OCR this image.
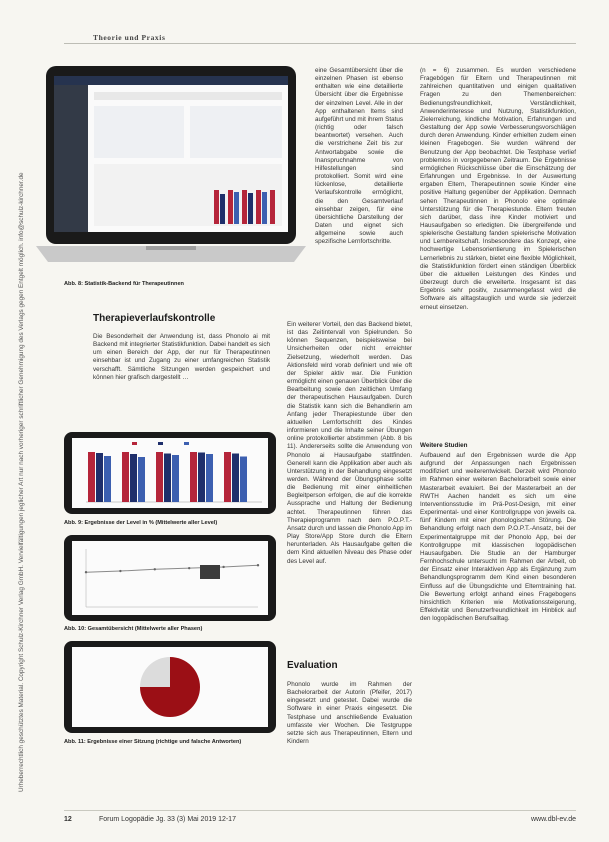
Theorie und Praxis
Urheberrechtlich geschütztes Material. Copyright Schulz-Kirchner Verlag GmbH. Vervielfältigungen jeglicher Art nur nach vorheriger schriftlicher Genehmigung des Verlags gegen Entgelt möglich. info@schulz-kirchner.de	Abb. 8: Statistik-Backend für Therapeutinnen
Therapieverlaufskontrolle
Die Besonderheit der Anwendung ist, dass Phonolo ai mit Backend mit integrierter Statistikfunktion. Dabei handelt es sich um einen Bereich der App, der nur für Therapeutinnen einsehbar ist und Zugang zu einer umfangreichen Statistik verschafft. Sämtliche Sitzungen werden gespeichert und können hier grafisch dargestellt …
Abb. 9: Ergebnisse der Level in % (Mittelwerte aller Level)
Abb. 10: Gesamtübersicht (Mittelwerte aller Phasen)
Abb. 11: Ergebnisse einer Sitzung (richtige und falsche Antworten)
eine Gesamtübersicht über die einzelnen Phasen ist ebenso enthalten wie eine detaillierte Übersicht über die Ergebnisse der einzelnen Level. Alle in der App enthaltenen Items sind aufgeführt und mit ihrem Status (richtig oder falsch beantwortet) versehen. Auch die verstrichene Zeit bis zur Antwortabgabe sowie die Inanspruchnahme von Hilfestellungen sind protokolliert. Somit wird eine lückenlose, detaillierte Verlaufskontrolle ermöglicht, die den Gesamtverlauf einsehbar zeigen, für eine übersichtliche Darstellung der Daten und eignet sich allgemeine sowie auch spezifische Lernfortschritte.
Ein weiterer Vorteil, den das Backend bietet, ist das Zeitintervall von Spielrunden. So können Sequenzen, beispielsweise bei Unsicherheiten oder nicht erreichter Zielsetzung, wiederholt werden. Das Aktionsfeld wird vorab definiert und wie oft der Spieler aktiv war. Die Funktion ermöglicht einen genauen Überblick über die Bearbeitung sowie den zeitlichen Umfang der therapeutischen Hausaufgaben. Durch die Statistik kann sich die Behandlerin am Anfang jeder Therapiestunde über den aktuellen Lernfortschritt des Kindes informieren und die Inhalte seiner Übungen online protokollierter abstimmen (Abb. 8 bis 11). Andererseits sollte die Anwendung von Phonolo ai Hausaufgabe stattfinden. Generell kann die Applikation aber auch als Unterstützung in der Behandlung eingesetzt werden. Während der Übungsphase sollte die Bedienung mit einer einheitlichen Begleitperson erfolgen, die auf die korrekte Aussprache und Haltung der Bedienung achtet. Therapeutinnen führen das Therapieprogramm nach dem P.O.P.T.-Ansatz durch und lassen die Phonolo App im Play Store/App Store durch die Eltern herunterladen. Als Hausaufgabe gelten die dem Kind aktuellen Niveau des Phase oder des Level auf.
Evaluation
Phonolo wurde im Rahmen der Bachelorarbeit der Autorin (Pfeifer, 2017) eingesetzt und getestet. Dabei wurde die Software in einer Praxis eingesetzt. Die Testphase und anschließende Evaluation umfasste vier Wochen. Die Testgruppe setzte sich aus Therapeutinnen, Eltern und Kindern
(n = 6) zusammen. Es wurden verschiedene Fragebögen für Eltern und Therapeutinnen mit zahlreichen quantitativen und einigen qualitativen Fragen zu den Themenbereichen: Bedienungsfreundlichkeit, Verständlichkeit, Anwenderinteresse und Nutzung, Statistikfunktion, Zielerreichung, kindliche Motivation, Erfahrungen und Gestaltung der App sowie Verbesserungsvorschlägen durch deren Anwendung. Kinder erhielten zudem einen kleinen Fragebogen. Sie wurden während der Benutzung der App beobachtet. Die Testphase verlief problemlos in vorgegebenen Zeitraum. Die Ergebnisse ermöglichen Rückschlüsse über die Einschätzung der Erfahrungen und Ergebnisse. In der Auswertung ergaben Eltern, Therapeutinnen sowie Kinder eine positive Haltung gegenüber der Applikation. Demnach sehen Therapeutinnen in Phonolo eine optimale Unterstützung für die Therapiestunde. Eltern freuten sich darüber, dass ihre Kinder motiviert und Hausaufgaben so erledigten. Die übergreifende und spielerische Gestaltung fanden spielerische Motivation und Lernbereitschaft. Insbesondere das Konzept, eine hochwertige Lebensorientierung im Spielerischen Lernerlebnis zu stärken, bietet eine flexible Möglichkeit, die Statistikfunktion fördert einen ständigen Überblick über die aktuellen Leistungen des Kindes und überzeugt durch die erweiterte. Insgesamt ist das Ergebnis sehr positiv, zusammengefasst wird die Software als alltagstauglich und wurde sie jederzeit erneut einsetzen.
Weitere Studien
Aufbauend auf den Ergebnissen wurde die App aufgrund der Anpassungen nach Ergebnissen modifiziert und weiterentwickelt. Derzeit wird Phonolo im Rahmen einer weiteren Bachelorarbeit sowie einer Masterarbeit evaluiert. Bei der Masterarbeit an der RWTH Aachen handelt es sich um eine Interventionsstudie im Prä-Post-Design, mit einer Experimental- und einer Kontrollgruppe von jeweils ca. fünf Kindern mit einer phonologischen Störung. Die Behandlung erfolgt nach dem P.O.P.T.-Ansatz, bei der Experimentalgruppe mit der Phonolo App, bei der Kontrollgruppe mit klassischen logopädischen Hausaufgaben. Die Studie an der Hamburger Fernhochschule untersucht im Rahmen der Arbeit, ob der Einsatz einer Interaktiven App als Ergänzung zum Behandlungsprogramm dem Kind einen besonderen Einfluss auf die Übungsdichte und Elterntraining hat. Die Bewertung erfolgt anhand eines Fragebogens hinsichtlich Kriterien wie Motivationssteigerung, Effektivität und Benutzerfreundlichkeit im Hinblick auf den logopädischen Berufsalltag.
12	Forum Logopädie Jg. 33 (3) Mai 2019 12-17	www.dbl-ev.de
